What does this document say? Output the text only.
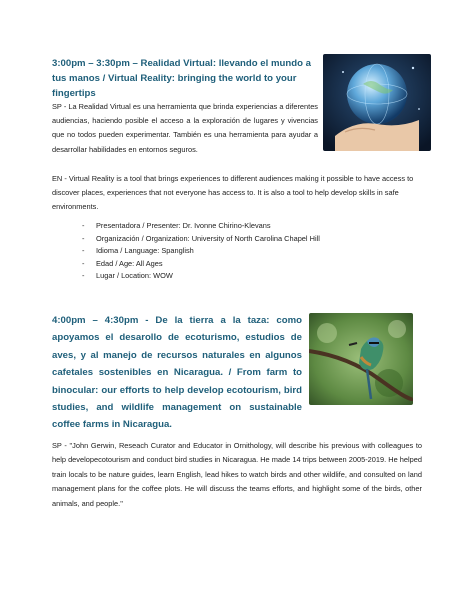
3:00pm – 3:30pm – Realidad Virtual: llevando el mundo a tus manos / Virtual Reality: bringing the world to your fingertips
SP - La Realidad Virtual es una herramienta que brinda experiencias a diferentes audiencias, haciendo posible el acceso a la exploración de lugares y vivencias que no todos pueden experimentar. También es una herramienta para ayudar a desarrollar habilidades en entornos seguros.
EN - Virtual Reality is a tool that brings experiences to different audiences making it possible to have access to discover places, experiences that not everyone has access to. It is also a tool to help develop skills in safe environments.
- Presentadora / Presenter: Dr. Ivonne Chirino-Klevans
- Organización / Organization: University of North Carolina Chapel Hill
- Idioma / Language: Spanglish
- Edad / Age: All Ages
- Lugar / Location: WOW
4:00pm – 4:30pm - De la tierra a la taza: como apoyamos el desarollo de ecoturismo, estudios de aves, y al manejo de recursos naturales en algunos cafetales sostenibles en Nicaragua. / From farm to binocular: our efforts to help develop ecotourism, bird studies, and wildlife management on sustainable coffee farms in Nicaragua.
SP - "John Gerwin, Reseach Curator and Educator in Ornithology, will describe his previous with colleagues to help developecotourism and conduct bird studies in Nicaragua. He made 14 trips between 2005-2019. He helped train locals to be nature guides, learn English, lead hikes to watch birds and other wildlife, and consulted on land management plans for the coffee plots. He will discuss the teams efforts, and highlight some of the birds, other animals, and people."
